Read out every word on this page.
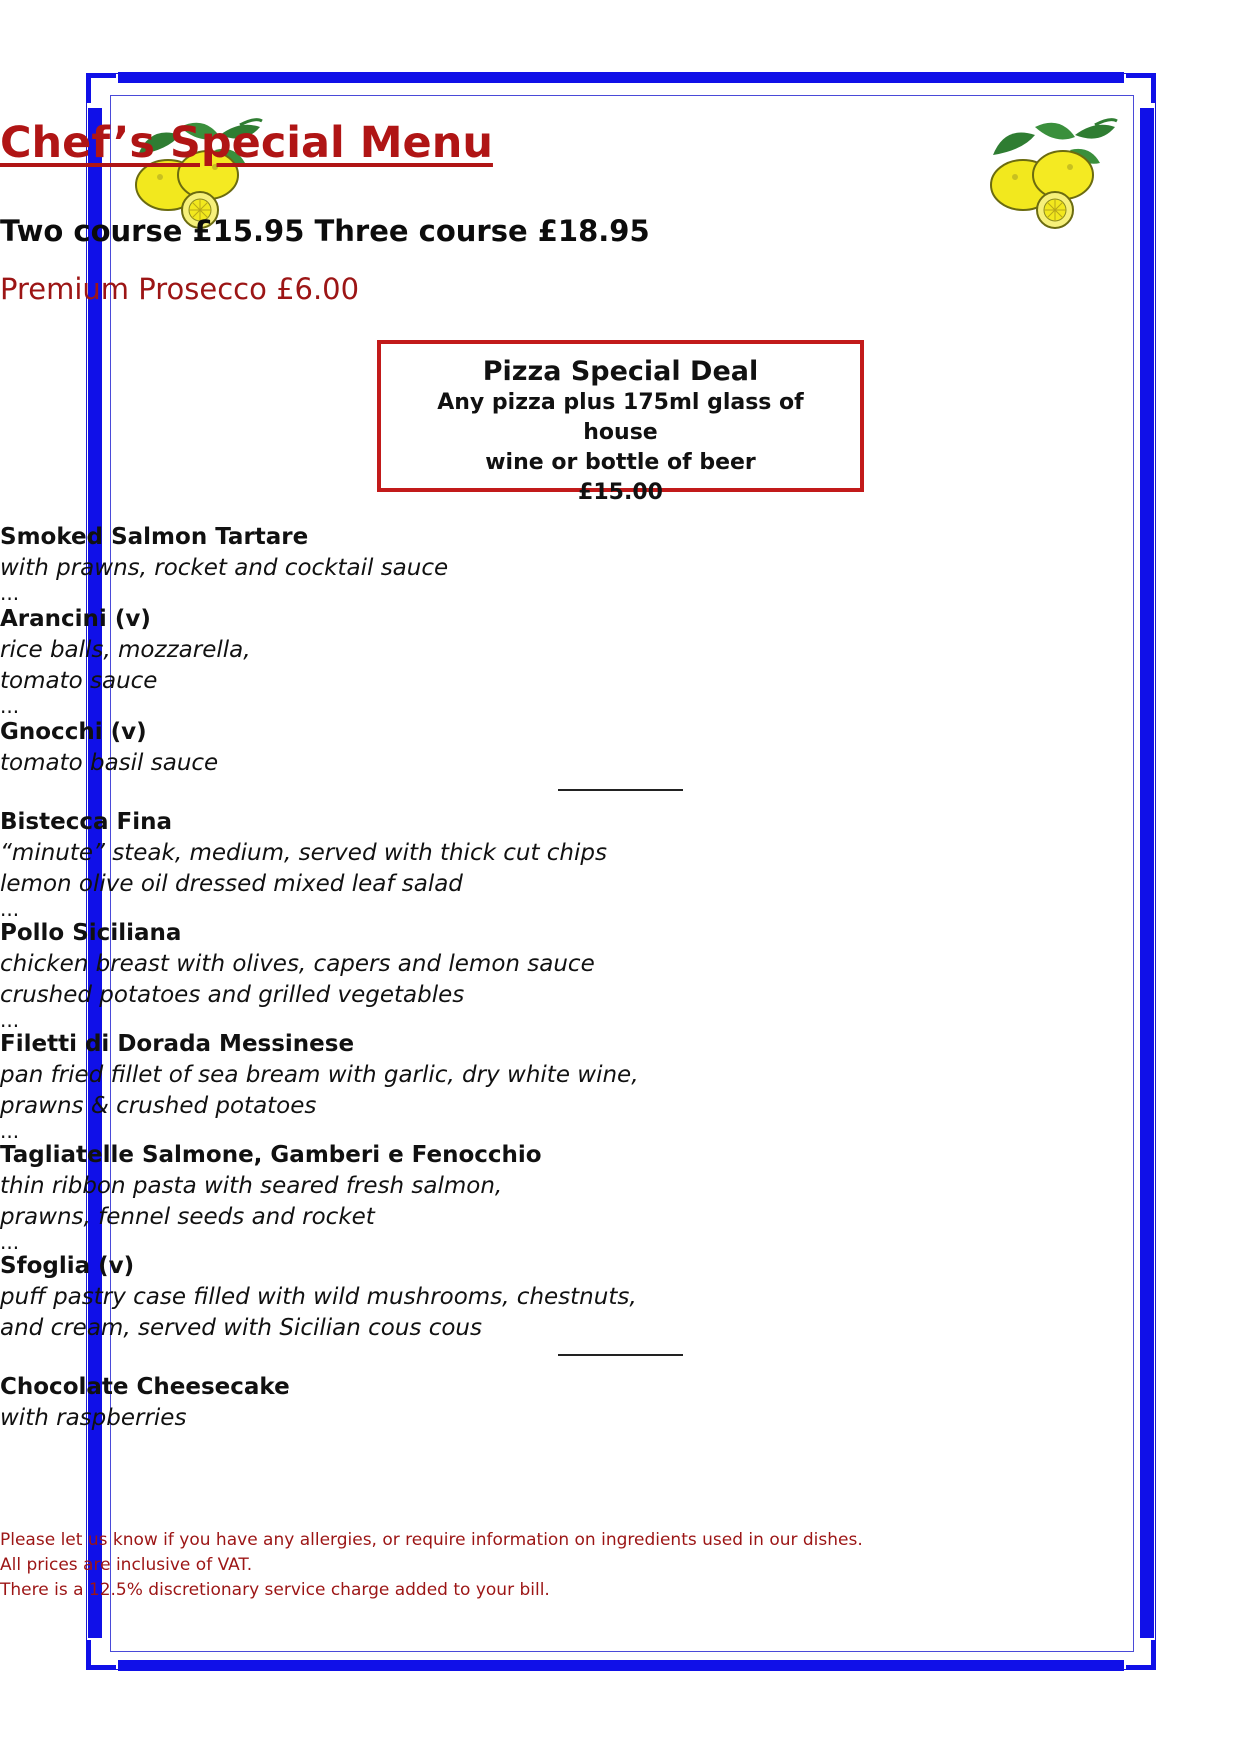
Chef’s Special Menu
Two course £15.95 Three course £18.95
Premium Prosecco £6.00
Pizza Special Deal
Any pizza plus 175ml glass of house
wine or bottle of beer
£15.00
Smoked Salmon Tartare
with prawns, rocket and cocktail sauce
...
Arancini (v)
rice balls, mozzarella,
tomato sauce
...
Gnocchi (v)
tomato basil sauce
Bistecca Fina
“minute” steak, medium, served with thick cut chips
lemon olive oil dressed mixed leaf salad
...
Pollo Siciliana
chicken breast with olives, capers and lemon sauce
crushed potatoes and grilled vegetables
...
Filetti di Dorada Messinese
pan fried fillet of sea bream with garlic, dry white wine,
prawns & crushed potatoes
...
Tagliatelle Salmone, Gamberi e Fenocchio
thin ribbon pasta with seared fresh salmon,
prawns, fennel seeds and rocket
...
Sfoglia (v)
puff pastry case filled with wild mushrooms, chestnuts,
and cream, served with Sicilian cous cous
Chocolate Cheesecake
with raspberries
Please let us know if you have any allergies, or require information on ingredients used in our dishes.
All prices are inclusive of VAT.
There is a 12.5% discretionary service charge added to your bill.
